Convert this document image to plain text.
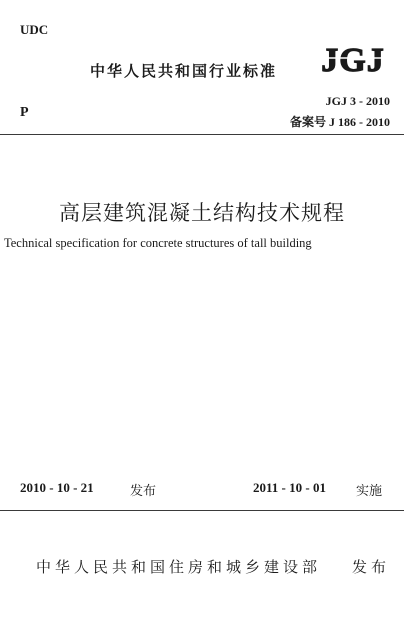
UDC
中华人民共和国行业标准 JGJ
P
JGJ 3 - 2010
备案号 J 186 - 2010
高层建筑混凝土结构技术规程
Technical specification for concrete structures of tall building
2010 - 10 - 21	发布	2011 - 10 - 01 实施
中华人民共和国住房和城乡建设部 发布
